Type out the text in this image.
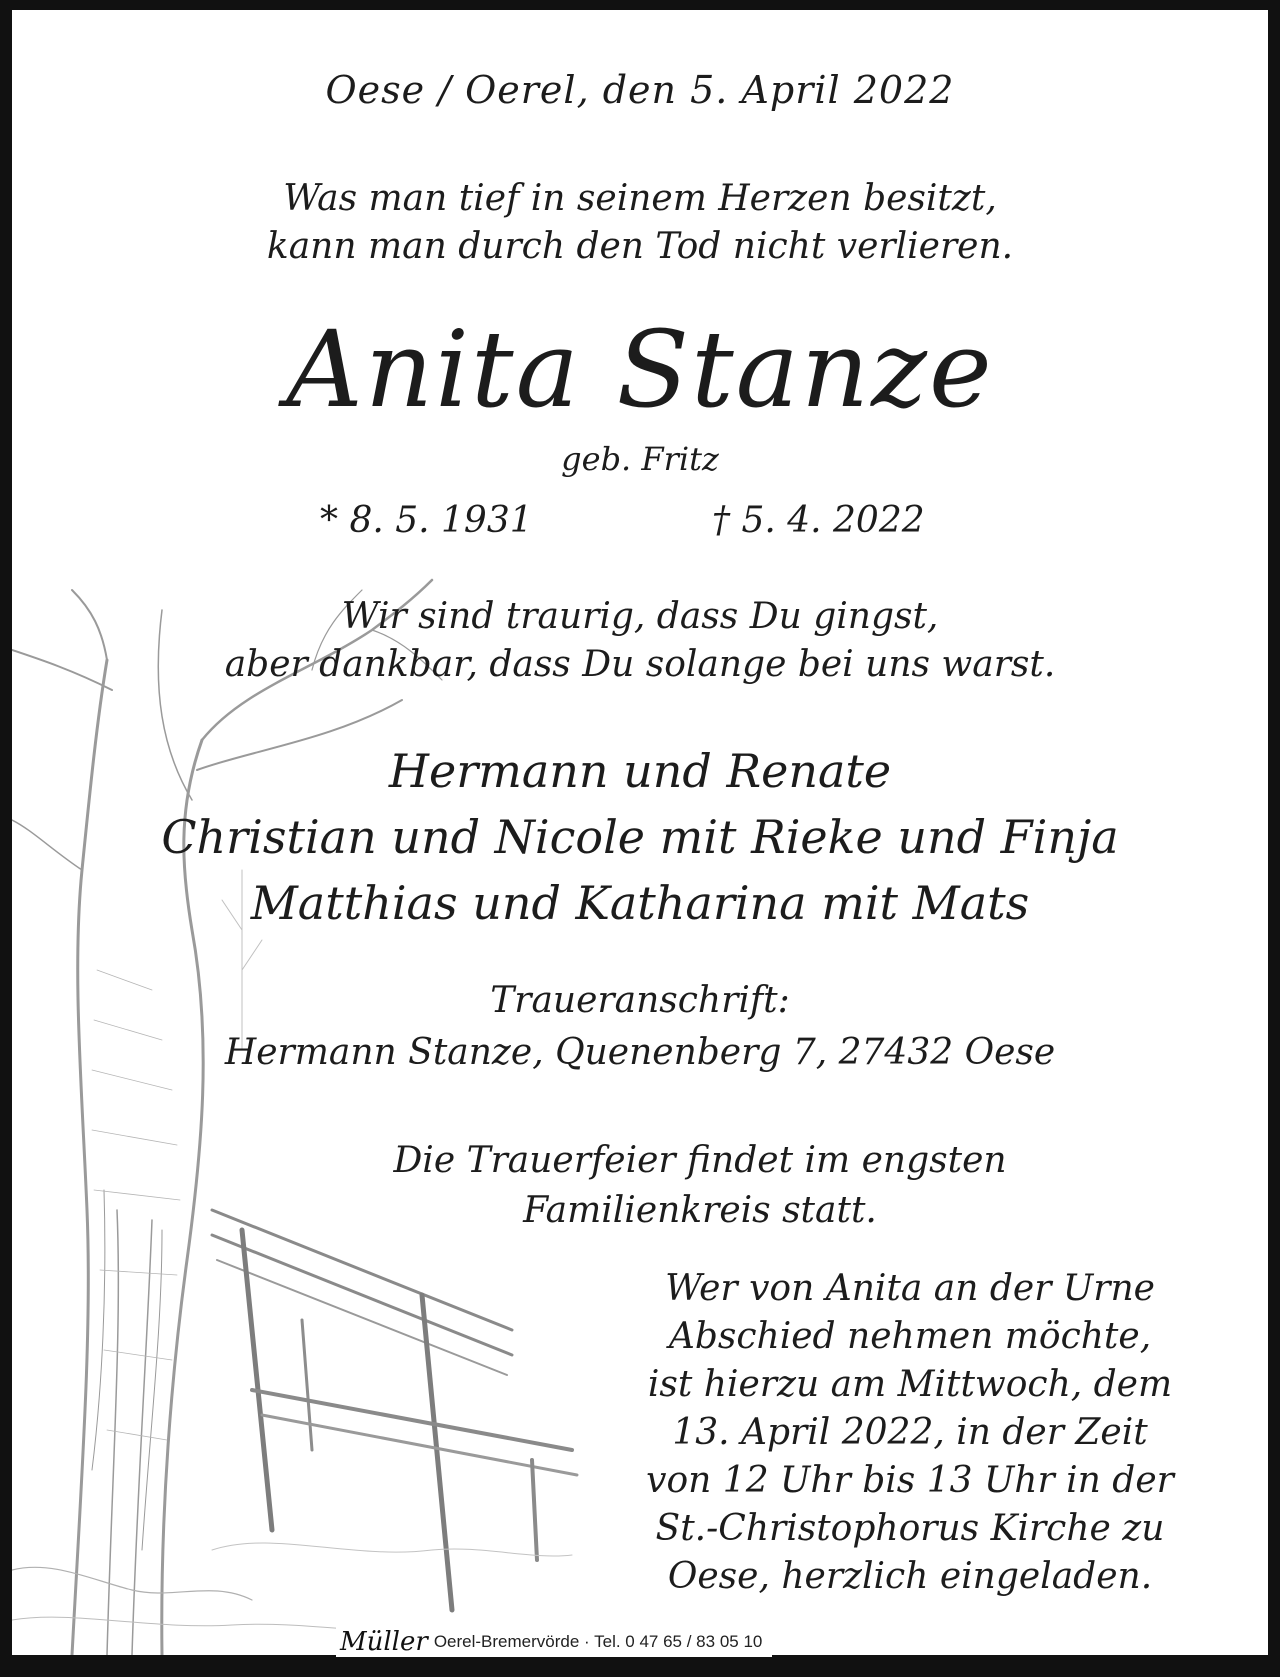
Oese / Oerel, den 5. April 2022
Was man tief in seinem Herzen besitzt,
kann man durch den Tod nicht verlieren.
Anita Stanze
geb. Fritz
* 8. 5. 1931	† 5. 4. 2022
Wir sind traurig, dass Du gingst,
aber dankbar, dass Du solange bei uns warst.
Hermann und Renate
Christian und Nicole mit Rieke und Finja
Matthias und Katharina mit Mats
Traueranschrift:
Hermann Stanze, Quenenberg 7, 27432 Oese
Die Trauerfeier findet im engsten
Familienkreis statt.
Wer von Anita an der Urne
Abschied nehmen möchte,
ist hierzu am Mittwoch, dem
13. April 2022, in der Zeit
von 12 Uhr bis 13 Uhr in der
St.-Christophorus Kirche zu
Oese, herzlich eingeladen.
Müller Oerel-Bremervörde · Tel. 0 47 65 / 83 05 10
